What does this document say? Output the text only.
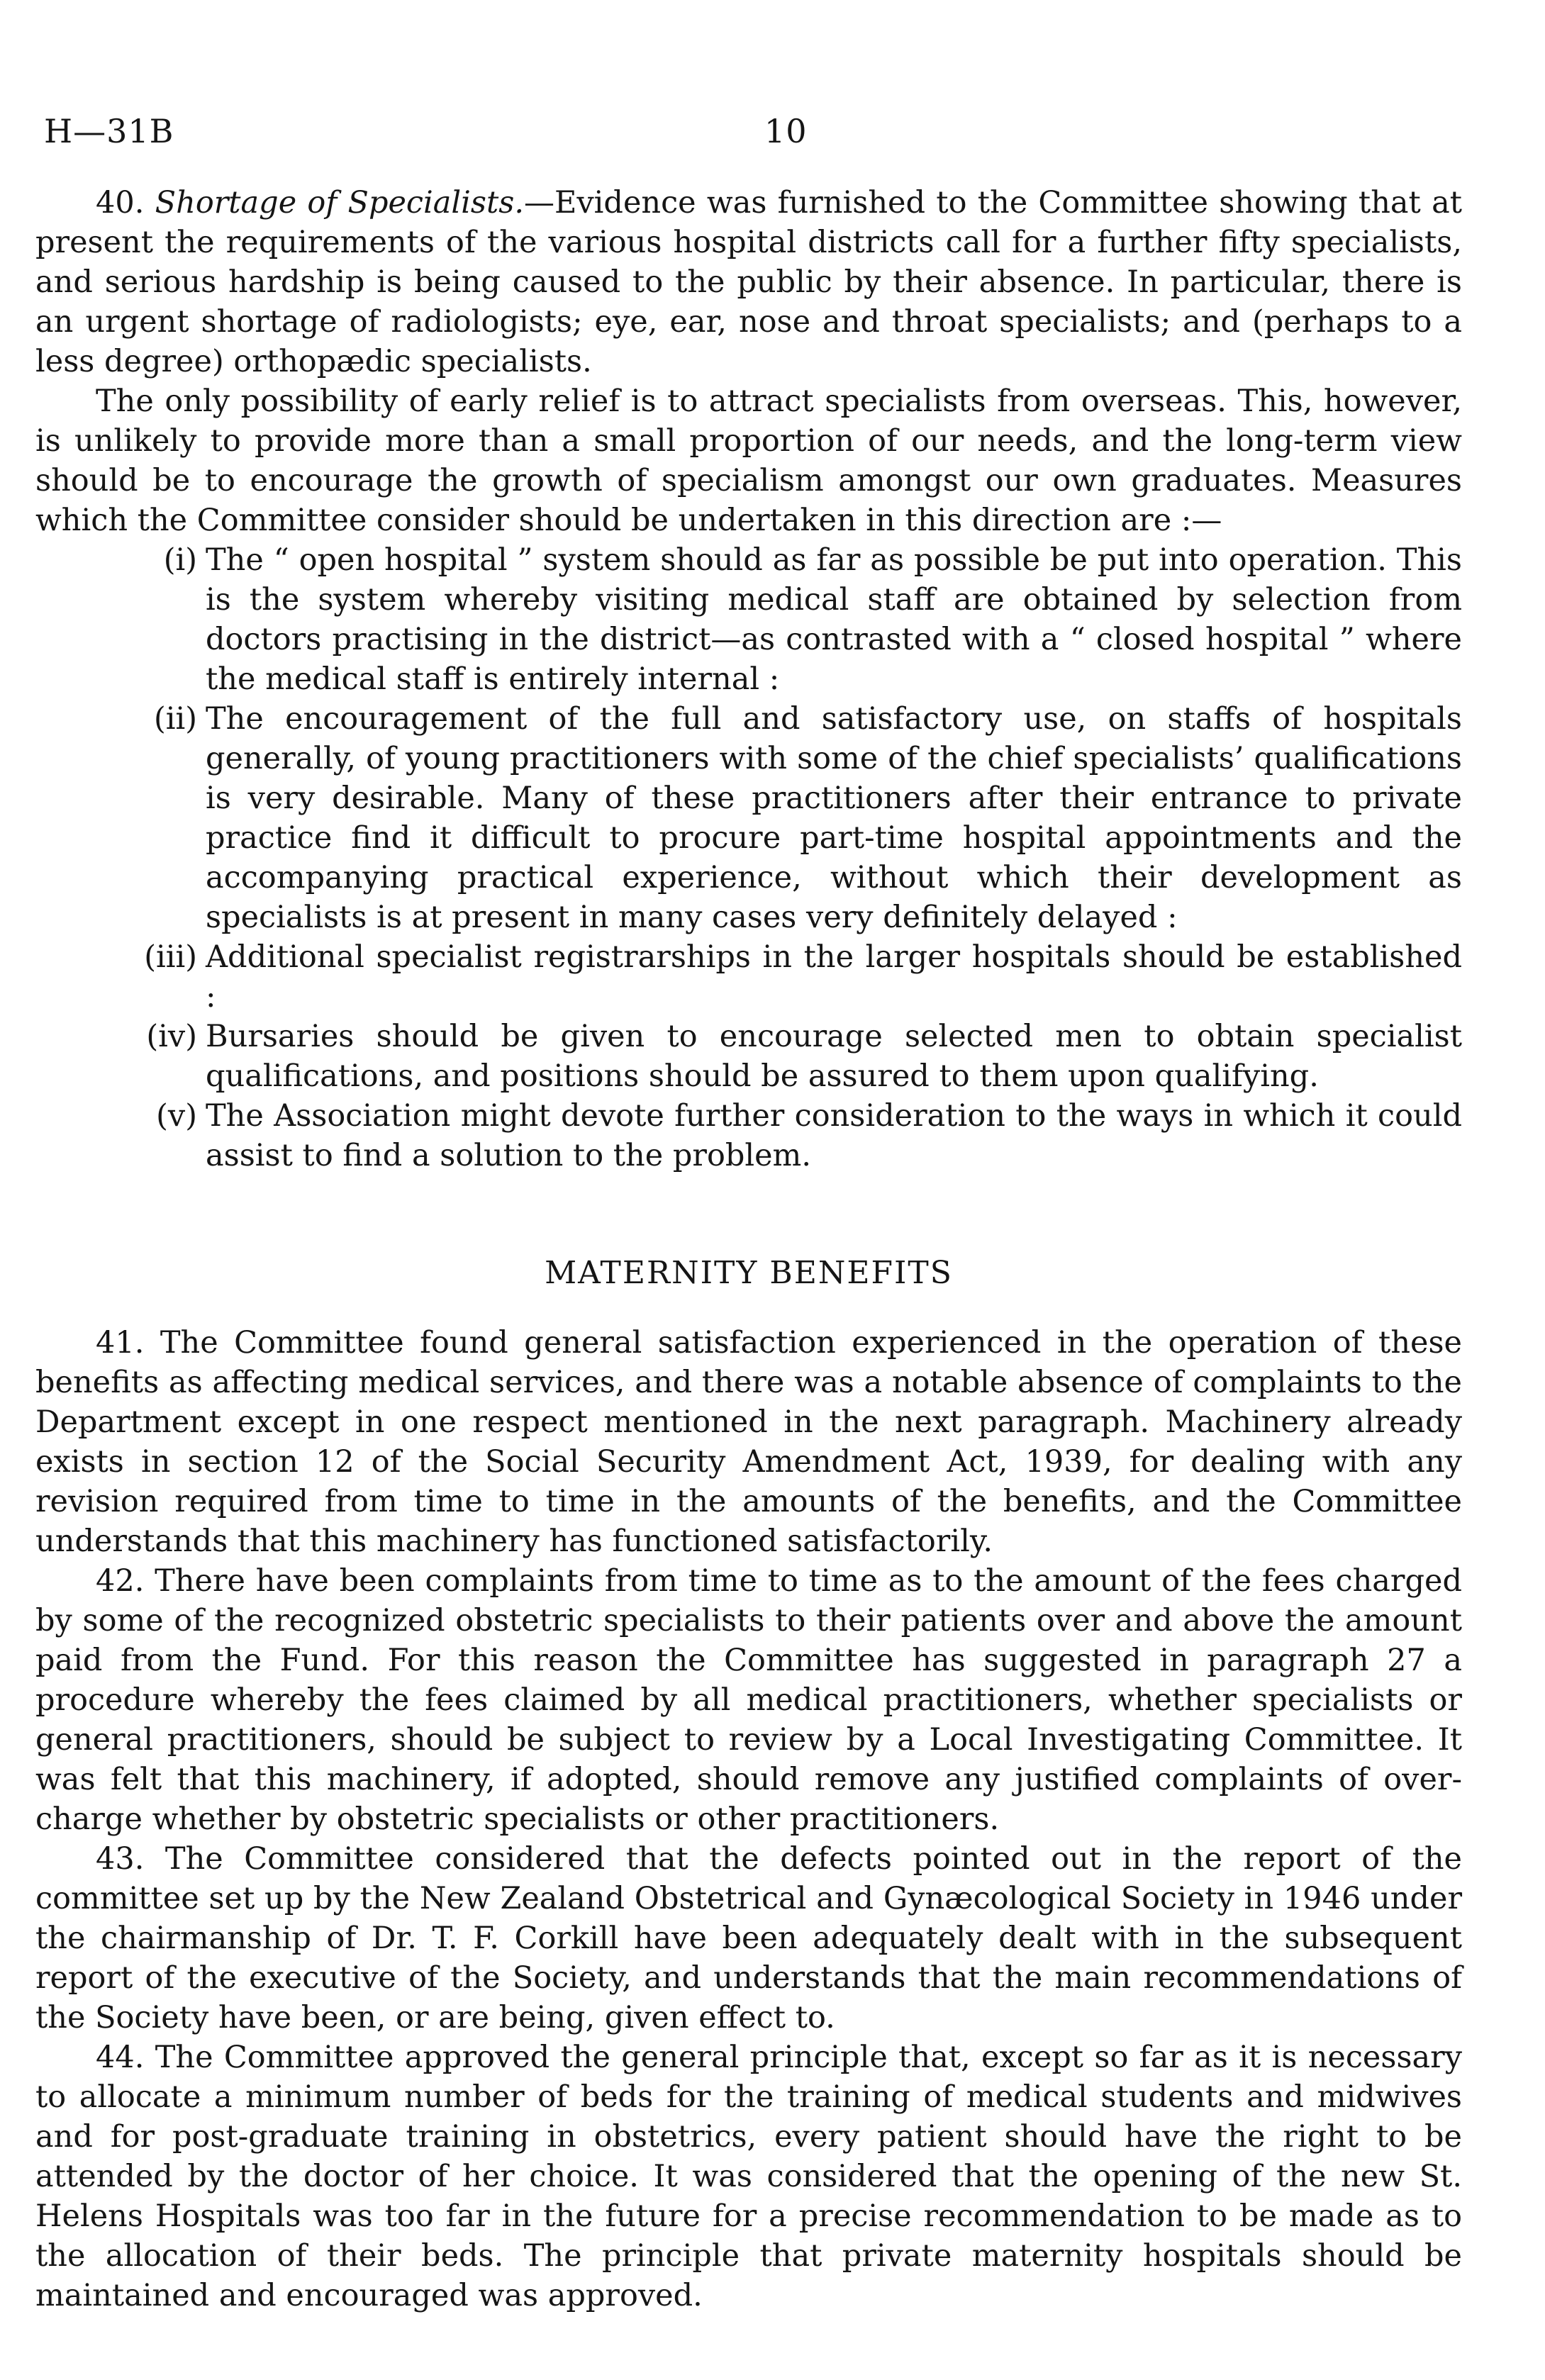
H—31B	10

40. Shortage of Specialists.—Evidence was furnished to the Committee showing that at present the requirements of the various hospital districts call for a further fifty specialists, and serious hardship is being caused to the public by their absence. In particular, there is an urgent shortage of radiologists; eye, ear, nose and throat specialists; and (perhaps to a less degree) orthopædic specialists.

The only possibility of early relief is to attract specialists from overseas. This, however, is unlikely to provide more than a small proportion of our needs, and the long-term view should be to encourage the growth of specialism amongst our own graduates. Measures which the Committee consider should be undertaken in this direction are :—

(i) The “ open hospital ” system should as far as possible be put into operation. This is the system whereby visiting medical staff are obtained by selection from doctors practising in the district—as contrasted with a “ closed hospital ” where the medical staff is entirely internal :
(ii) The encouragement of the full and satisfactory use, on staffs of hospitals generally, of young practitioners with some of the chief specialists’ qualifications is very desirable. Many of these practitioners after their entrance to private practice find it difficult to procure part-time hospital appointments and the accompanying practical experience, without which their development as specialists is at present in many cases very definitely delayed :
(iii) Additional specialist registrarships in the larger hospitals should be established :
(iv) Bursaries should be given to encourage selected men to obtain specialist qualifications, and positions should be assured to them upon qualifying.
(v) The Association might devote further consideration to the ways in which it could assist to find a solution to the problem.
MATERNITY BENEFITS

41. The Committee found general satisfaction experienced in the operation of these benefits as affecting medical services, and there was a notable absence of complaints to the Department except in one respect mentioned in the next paragraph. Machinery already exists in section 12 of the Social Security Amendment Act, 1939, for dealing with any revision required from time to time in the amounts of the benefits, and the Committee understands that this machinery has functioned satisfactorily.

42. There have been complaints from time to time as to the amount of the fees charged by some of the recognized obstetric specialists to their patients over and above the amount paid from the Fund. For this reason the Committee has suggested in paragraph 27 a procedure whereby the fees claimed by all medical practitioners, whether specialists or general practitioners, should be subject to review by a Local Investigating Committee. It was felt that this machinery, if adopted, should remove any justified complaints of over-charge whether by obstetric specialists or other practitioners.

43. The Committee considered that the defects pointed out in the report of the committee set up by the New Zealand Obstetrical and Gynæcological Society in 1946 under the chairmanship of Dr. T. F. Corkill have been adequately dealt with in the subsequent report of the executive of the Society, and understands that the main recommendations of the Society have been, or are being, given effect to.

44. The Committee approved the general principle that, except so far as it is necessary to allocate a minimum number of beds for the training of medical students and midwives and for post-graduate training in obstetrics, every patient should have the right to be attended by the doctor of her choice. It was considered that the opening of the new St. Helens Hospitals was too far in the future for a precise recommendation to be made as to the allocation of their beds. The principle that private maternity hospitals should be maintained and encouraged was approved.
